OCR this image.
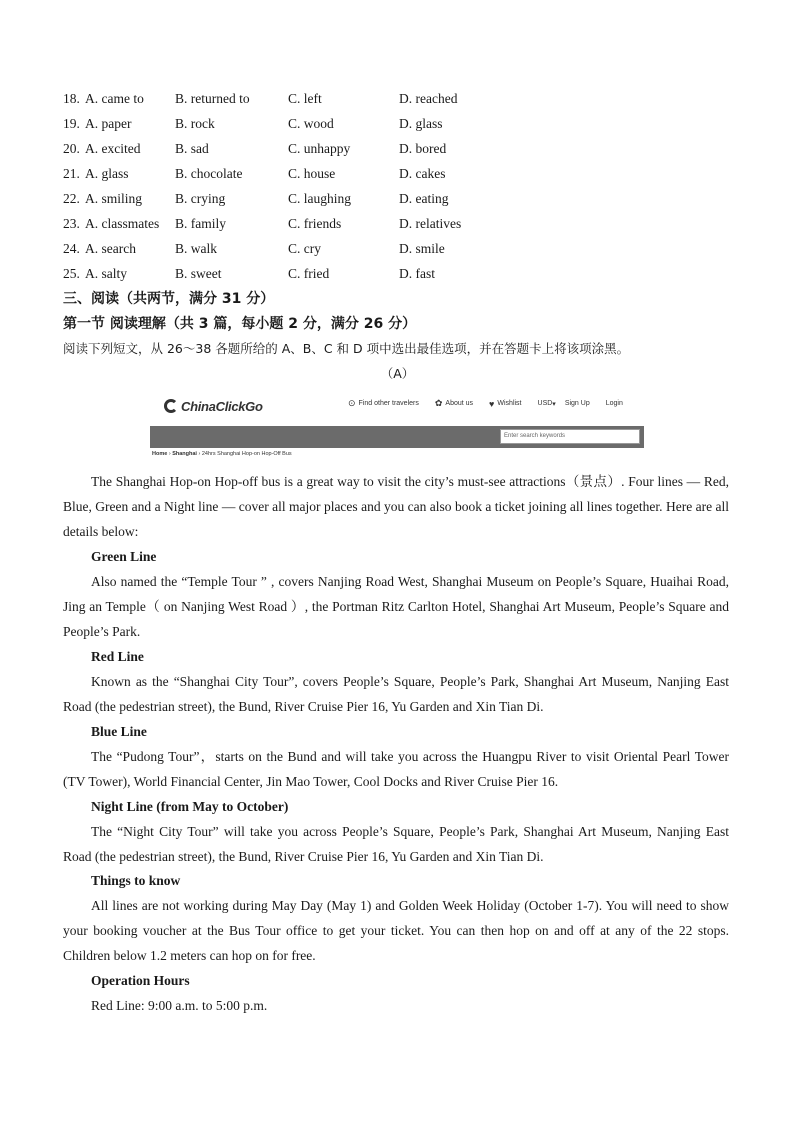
18. A. came to B. returned to	C. left	D. reached
19. A. paper	B. rock	C. wood	D. glass
20. A. excited	B. sad	C. unhappy	D. bored
21. A. glass	B. chocolate	C. house	D. cakes
22. A. smiling B. crying	C. laughing	D. eating
23. A. classmates B. family	C. friends	D. relatives
24. A. search	B. walk	C. cry	D. smile
25. A. salty	B. sweet	C. fried	D. fast
三、阅读（共两节，满分 31 分）
第一节 阅读理解（共 3 篇，每小题 2 分，满分 26 分）
阅读下列短文，从 26～38 各题所给的 A、B、C 和 D 项中选出最佳选项，并在答题卡上将该项涂黑。
（A）
ChinaClickGo	⊙ Find other travelers ✿ About us ♥ Wishlist USD ▾ Sign Up Login
Enter search keywords
Home › Shanghai › 24hrs Shanghai Hop-on Hop-Off Bus
The Shanghai Hop-on Hop-off bus is a great way to visit the city’s must-see attractions（景点）. Four lines — Red, Blue, Green and a Night line — cover all major places and you can also book a ticket joining all lines together. Here are all details below:
Green Line
Also named the “Temple Tour ” , covers Nanjing Road West, Shanghai Museum on People’s Square, Huaihai Road, Jing an Temple（ on Nanjing West Road ）, the Portman Ritz Carlton Hotel, Shanghai Art Museum, People’s Square and People’s Park.
Red Line
Known as the “Shanghai City Tour”, covers People’s Square, People’s Park, Shanghai Art Museum, Nanjing East Road (the pedestrian street), the Bund, River Cruise Pier 16, Yu Garden and Xin Tian Di.
Blue Line
The “Pudong Tour”，starts on the Bund and will take you across the Huangpu River to visit Oriental Pearl Tower (TV Tower), World Financial Center, Jin Mao Tower, Cool Docks and River Cruise Pier 16.
Night Line (from May to October)
The “Night City Tour” will take you across People’s Square, People’s Park, Shanghai Art Museum, Nanjing East Road (the pedestrian street), the Bund, River Cruise Pier 16, Yu Garden and Xin Tian Di.
Things to know
All lines are not working during May Day (May 1) and Golden Week Holiday (October 1-7). You will need to show your booking voucher at the Bus Tour office to get your ticket. You can then hop on and off at any of the 22 stops. Children below 1.2 meters can hop on for free.
Operation Hours
Red Line: 9:00 a.m. to 5:00 p.m.
